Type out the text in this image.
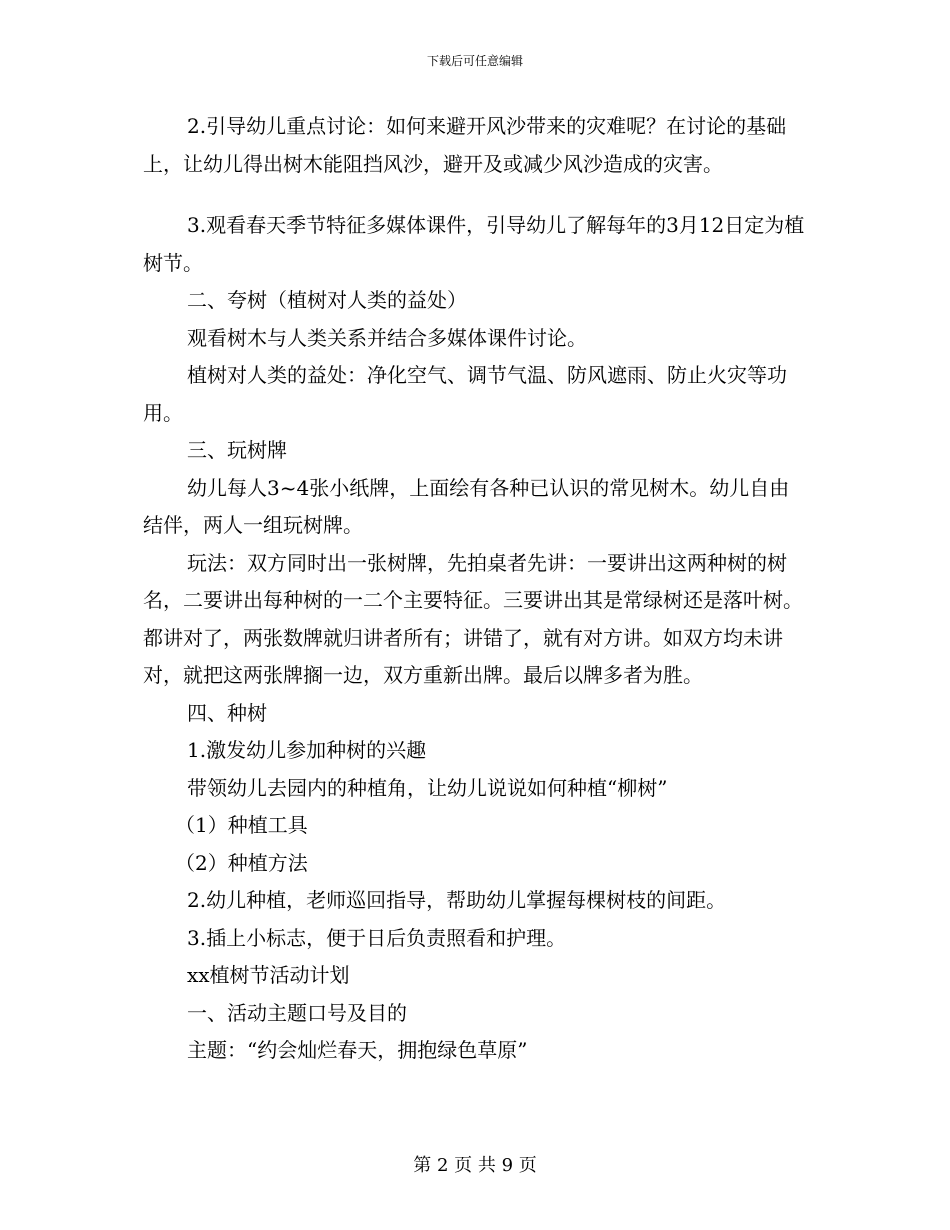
下载后可任意编辑

2.引导幼儿重点讨论：如何来避开风沙带来的灾难呢？在讨论的基础上，让幼儿得出树木能阻挡风沙，避开及或减少风沙造成的灾害。

3.观看春天季节特征多媒体课件，引导幼儿了解每年的3月12日定为植树节。

二、夸树（植树对人类的益处）

观看树木与人类关系并结合多媒体课件讨论。

植树对人类的益处：净化空气、调节气温、防风遮雨、防止火灾等功用。

三、玩树牌

幼儿每人3~4张小纸牌，上面绘有各种已认识的常见树木。幼儿自由结伴，两人一组玩树牌。

玩法：双方同时出一张树牌，先拍桌者先讲：一要讲出这两种树的树名，二要讲出每种树的一二个主要特征。三要讲出其是常绿树还是落叶树。都讲对了，两张数牌就归讲者所有；讲错了，就有对方讲。如双方均未讲对，就把这两张牌搁一边，双方重新出牌。最后以牌多者为胜。

四、种树

1.激发幼儿参加种树的兴趣

带领幼儿去园内的种植角，让幼儿说说如何种植“柳树”

（1）种植工具

（2）种植方法

2.幼儿种植，老师巡回指导，帮助幼儿掌握每棵树枝的间距。

3.插上小标志，便于日后负责照看和护理。

xx植树节活动计划

一、活动主题口号及目的

主题：“约会灿烂春天，拥抱绿色草原”

第 2 页 共 9 页
